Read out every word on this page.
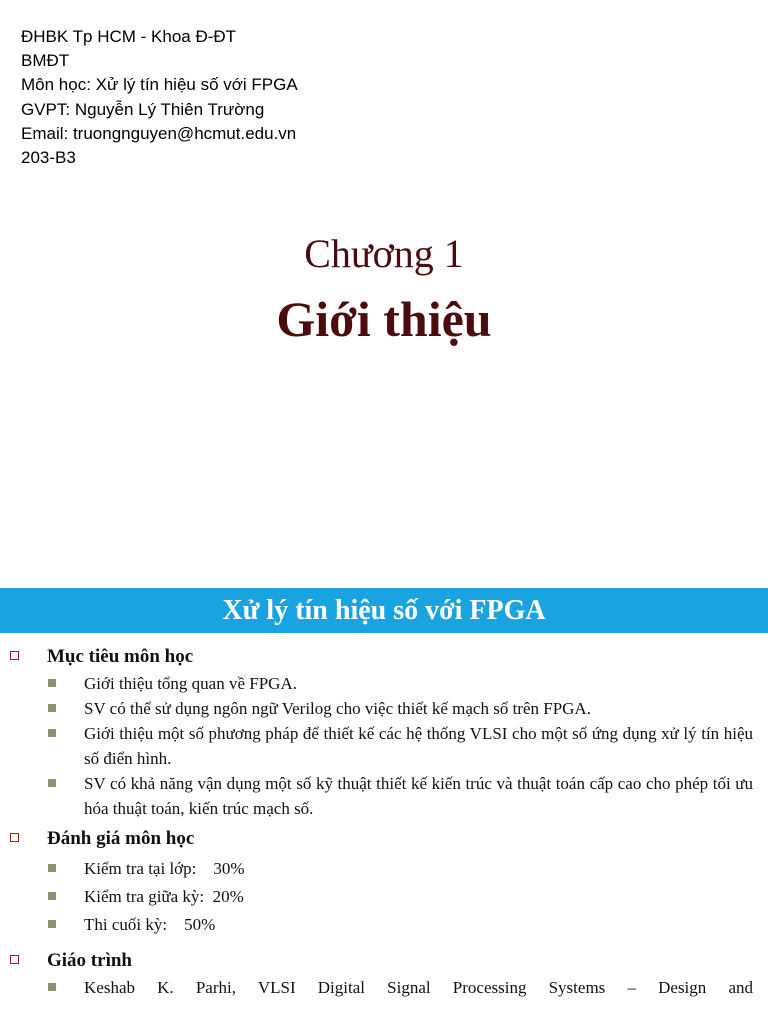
ĐHBK Tp HCM - Khoa Đ-ĐT
BMĐT
Môn học: Xử lý tín hiệu số với FPGA
GVPT: Nguyễn Lý Thiên Trường
Email: truongnguyen@hcmut.edu.vn
203-B3
Chương 1
Giới thiệu
Xử lý tín hiệu số với FPGA
Mục tiêu môn học
Giới thiệu tổng quan về FPGA.
SV có thể sử dụng ngôn ngữ Verilog cho việc thiết kế mạch số trên FPGA.
Giới thiệu một số phương pháp để thiết kế các hệ thống VLSI cho một số ứng dụng xử lý tín hiệu số điển hình.
SV có khả năng vận dụng một số kỹ thuật thiết kế kiến trúc và thuật toán cấp cao cho phép tối ưu hóa thuật toán, kiến trúc mạch số.
Đánh giá môn học
Kiểm tra tại lớp:    30%
Kiểm tra giữa kỳ:  20%
Thi cuối kỳ:    50%
Giáo trình
Keshab K. Parhi, VLSI Digital Signal Processing Systems – Design and
